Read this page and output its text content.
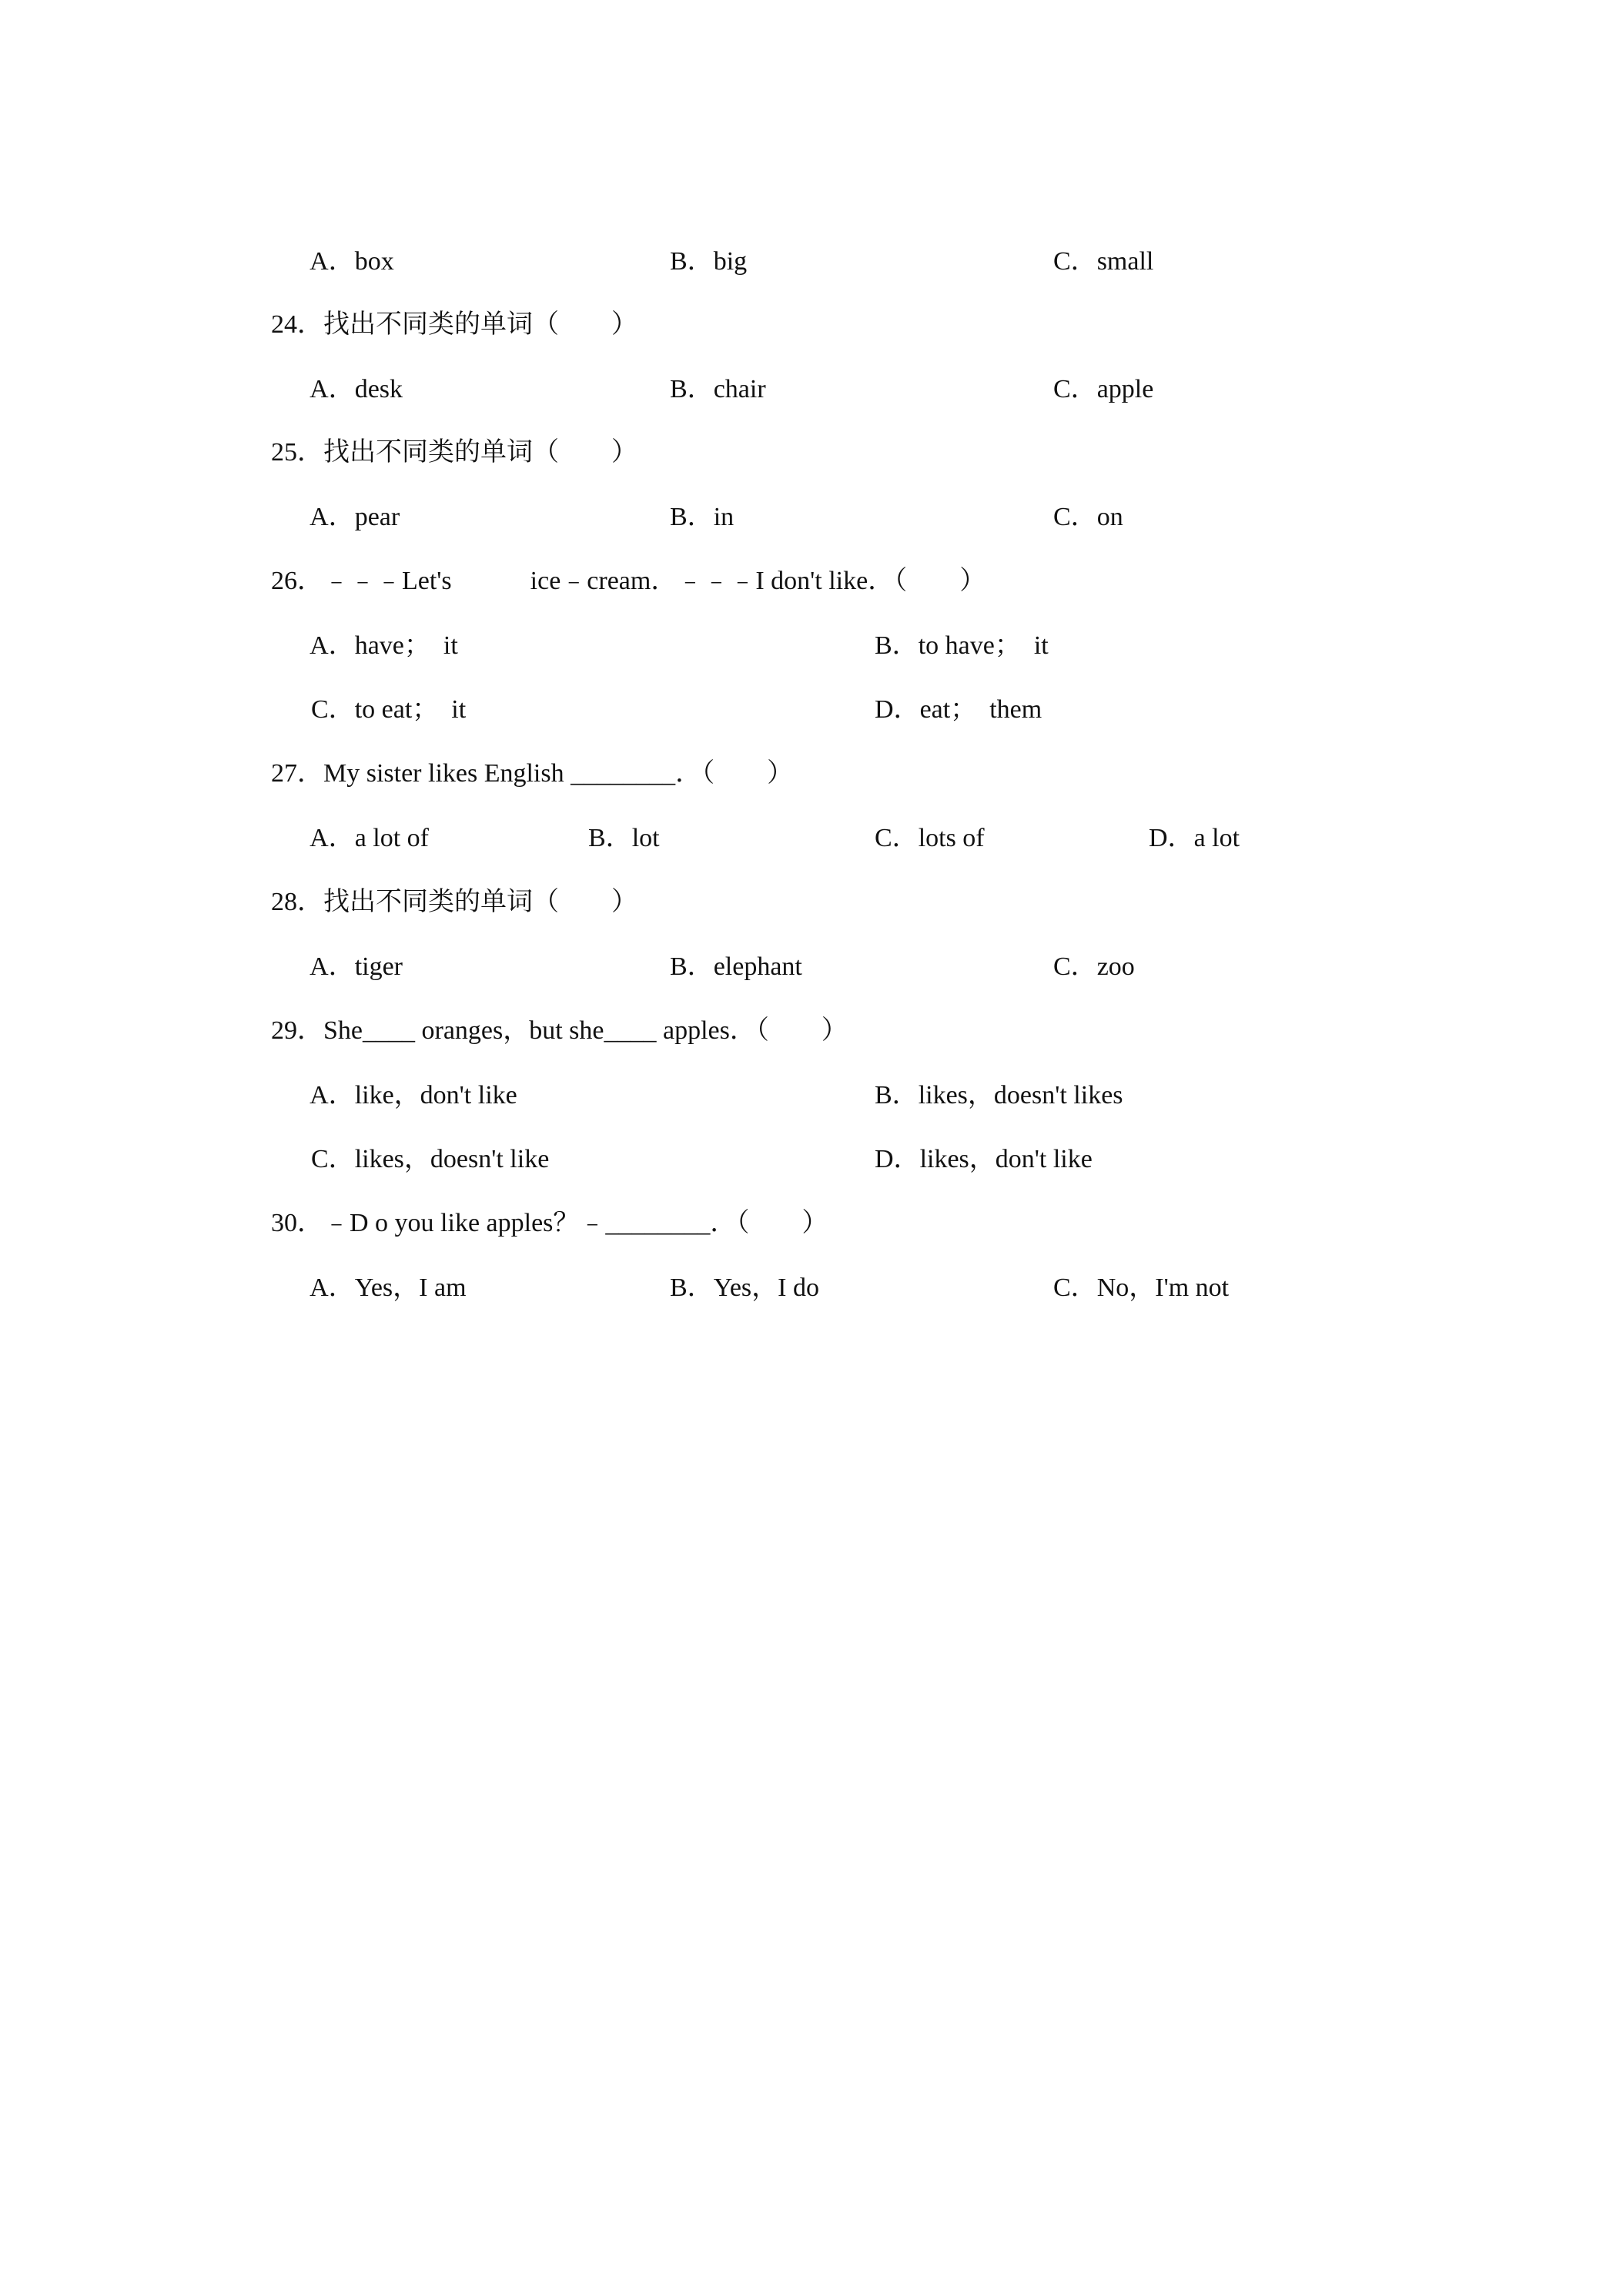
A．box
	B．big
	C．small

24．找出不同类的单词（　　）

A．desk
	B．chair
	C．apple

25．找出不同类的单词（　　）

A．pear
	B．in
	C．on

26．﹣﹣﹣Let's　　　ice﹣cream．﹣﹣﹣I don't like．（　　）

A．have；　it
	B．to have；　it

C．to eat；　it
	D．eat；　them

27．My sister likes English ________．（　　）

A．a lot of
	B．lot
	C．lots of
	D．a lot

28．找出不同类的单词（　　）

A．tiger
	B．elephant
	C．zoo

29．She____ oranges，but she____ apples．（　　）

A．like，don't like
	B．likes，doesn't likes

C．likes，doesn't like
	D．likes，don't like

30．﹣D o you like apples？﹣________．（　　）

A．Yes，I am
	B．Yes，I do
	C．No，I'm not
